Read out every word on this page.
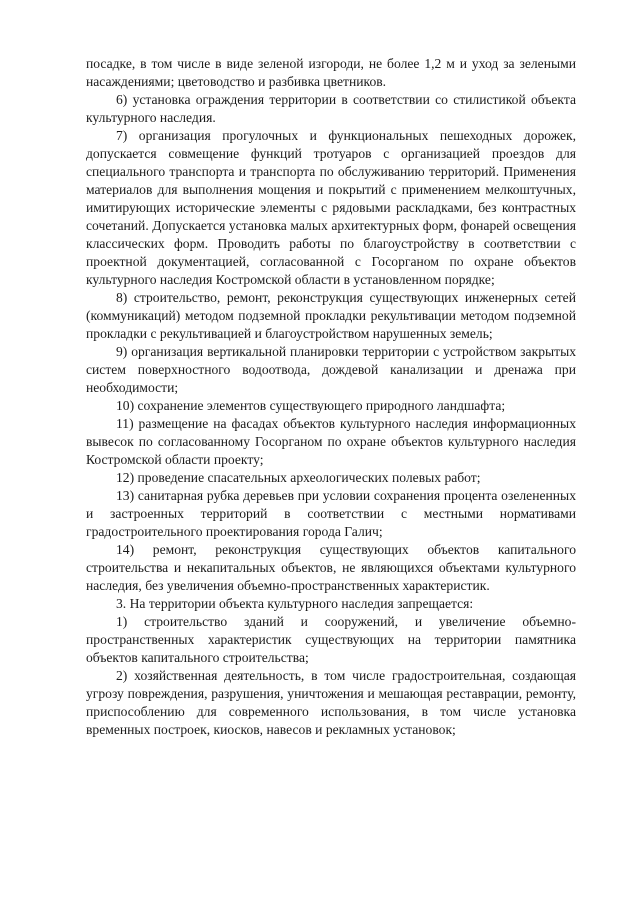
посадке, в том числе в виде зеленой изгороди, не более 1,2 м и уход за зелеными насаждениями; цветоводство и разбивка цветников.

6) установка ограждения территории в соответствии со стилистикой объекта культурного наследия.

7) организация прогулочных и функциональных пешеходных дорожек, допускается совмещение функций тротуаров с организацией проездов для специального транспорта и транспорта по обслуживанию территорий. Применения материалов для выполнения мощения и покрытий с применением мелкоштучных, имитирующих исторические элементы с рядовыми раскладками, без контрастных сочетаний. Допускается установка малых архитектурных форм, фонарей освещения классических форм. Проводить работы по благоустройству в соответствии с проектной документацией, согласованной с Госорганом по охране объектов культурного наследия Костромской области в установленном порядке;

8) строительство, ремонт, реконструкция существующих инженерных сетей (коммуникаций) методом подземной прокладки рекультивации методом подземной прокладки с рекультивацией и благоустройством нарушенных земель;

9) организация вертикальной планировки территории с устройством закрытых систем поверхностного водоотвода, дождевой канализации и дренажа при необходимости;

10) сохранение элементов существующего природного ландшафта;

11) размещение на фасадах объектов культурного наследия информационных вывесок по согласованному Госорганом по охране объектов культурного наследия Костромской области проекту;

12) проведение спасательных археологических полевых работ;

13) санитарная рубка деревьев при условии сохранения процента озелененных и застроенных территорий в соответствии с местными нормативами градостроительного проектирования города Галич;

14) ремонт, реконструкция существующих объектов капитального строительства и некапитальных объектов, не являющихся объектами культурного наследия, без увеличения объемно-пространственных характеристик.

3. На территории объекта культурного наследия запрещается:

1) строительство зданий и сооружений, и увеличение объемно-пространственных характеристик существующих на территории памятника объектов капитального строительства;

2) хозяйственная деятельность, в том числе градостроительная, создающая угрозу повреждения, разрушения, уничтожения и мешающая реставрации, ремонту, приспособлению для современного использования, в том числе установка временных построек, киосков, навесов и рекламных установок;
